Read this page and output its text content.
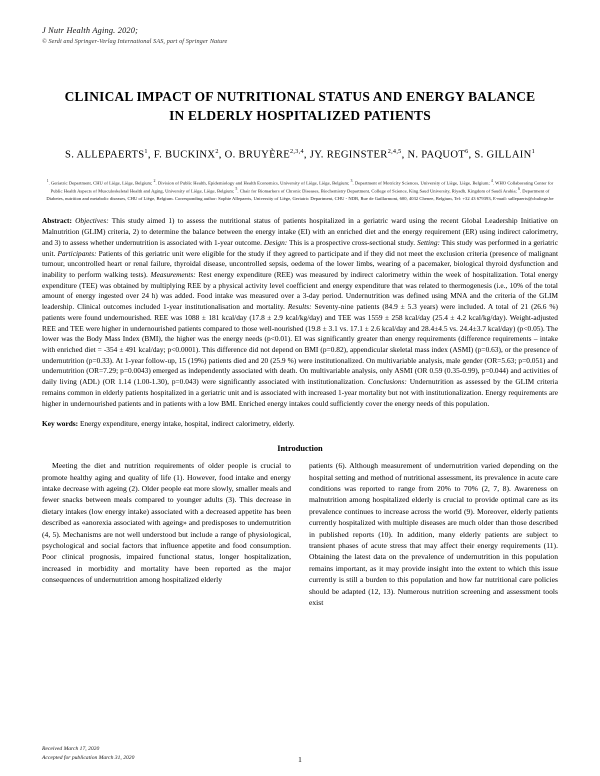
J Nutr Health Aging. 2020;
© Serdi and Springer-Verlag International SAS, part of Springer Nature
CLINICAL IMPACT OF NUTRITIONAL STATUS AND ENERGY BALANCE
IN ELDERLY HOSPITALIZED PATIENTS
S. ALLEPAERTS$^1$, F. BUCKINX$^2$, O. BRUYÈRE$^{2,3,4}$, JY. REGINSTER$^{2,4,5}$, N. PAQUOT$^6$, S. GILLAIN$^1$
$^1$. Geriatric Department, CHU of Liège, Liège, Belgium; $^2$. Division of Public Health, Epidemiology and Health Economics, University of Liège, Liège, Belgium; $^3$. Department of Motricity Sciences, University of Liège, Liège, Belgium; $^4$. WHO Collaborating Center for Public Health Aspects of Musculoskeletal Health and Aging, University of Liège, Liège, Belgium; $^5$. Chair for Biomarkers of Chronic Diseases, Biochemistry Department, College of Science, King Saud University, Riyadh, Kingdom of Saudi Arabia; $^6$. Department of Diabetes, nutrition and metabolic diseases, CHU of Liège, Belgium. Corresponding author: Sophie Allepaerts, University of Liège, Geriatric Department, CHU - NDB, Rue de Gaillarmont, 600, 4032 Chenee, Belgium, Tel: +32 43 679393, E-mail: sallepaerts@chuliege.be
Abstract: Objectives: This study aimed 1) to assess the nutritional status of patients hospitalized in a geriatric ward using the recent Global Leadership Initiative on Malnutrition (GLIM) criteria, 2) to determine the balance between the energy intake (EI) with an enriched diet and the energy requirement (ER) using indirect calorimetry, and 3) to assess whether undernutrition is associated with 1-year outcome. Design: This is a prospective cross-sectional study. Setting: This study was performed in a geriatric unit. Participants: Patients of this geriatric unit were eligible for the study if they agreed to participate and if they did not meet the exclusion criteria (presence of malignant tumour, uncontrolled heart or renal failure, thyroidal disease, uncontrolled sepsis, oedema of the lower limbs, wearing of a pacemaker, biological thyroid dysfunction and inability to perform walking tests). Measurements: Rest energy expenditure (REE) was measured by indirect calorimetry within the week of hospitalization. Total energy expenditure (TEE) was obtained by multiplying REE by a physical activity level coefficient and energy expenditure that was related to thermogenesis (i.e., 10% of the total amount of energy ingested over 24 h) was added. Food intake was measured over a 3-day period. Undernutrition was defined using MNA and the criteria of the GLIM leadership. Clinical outcomes included 1-year institutionalisation and mortality. Results: Seventy-nine patients (84.9 ± 5.3 years) were included. A total of 21 (26.6 %) patients were found undernourished. REE was 1088 ± 181 kcal/day (17.8 ± 2.9 kcal/kg/day) and TEE was 1559 ± 258 kcal/day (25.4 ± 4.2 kcal/kg/day). Weight-adjusted REE and TEE were higher in undernourished patients compared to those well-nourished (19.8 ± 3.1 vs. 17.1 ± 2.6 kcal/day and 28.4±4.5 vs. 24.4±3.7 kcal/day) (p<0.05). The lower was the Body Mass Index (BMI), the higher was the energy needs (p<0.01). EI was significantly greater than energy requirements (difference requirements – intake with enriched diet = -354 ± 491 kcal/day; p<0.0001). This difference did not depend on BMI (p=0.82), appendicular skeletal mass index (ASMI) (p=0.63), or the presence of undernutrition (p=0.33). At 1-year follow-up, 15 (19%) patients died and 20 (25.9 %) were institutionalized. On multivariable analysis, male gender (OR=5.63; p=0.051) and undernutrition (OR=7.29; p=0.0043) emerged as independently associated with death. On multivariable analysis, only ASMI (OR 0.59 (0.35-0.99), p=0.044) and activities of daily living (ADL) (OR 1.14 (1.00-1.30), p=0.043) were significantly associated with institutionalization. Conclusions: Undernutrition as assessed by the GLIM criteria remains common in elderly patients hospitalized in a geriatric unit and is associated with increased 1-year mortality but not with institutionalization. Energy requirements are higher in undernourished patients and in patients with a low BMI. Enriched energy intakes could sufficiently cover the energy needs of this population.
Key words: Energy expenditure, energy intake, hospital, indirect calorimetry, elderly.
Introduction

Meeting the diet and nutrition requirements of older people is crucial to promote healthy aging and quality of life (1). However, food intake and energy intake decrease with ageing (2). Older people eat more slowly, smaller meals and fewer snacks between meals compared to younger adults (3). This decrease in dietary intakes (low energy intake) associated with a decreased appetite has been described as «anorexia associated with ageing» and predisposes to undernutrition (4, 5). Mechanisms are not well understood but include a range of physiological, psychological and social factors that influence appetite and food consumption. Poor clinical prognosis, impaired functional status, longer hospitalization, increased in morbidity and mortality have been reported as the major consequences of undernutrition among hospitalized elderly

patients (6). Although measurement of undernutrition varied depending on the hospital setting and method of nutritional assessment, its prevalence in acute care conditions was reported to range from 20% to 70% (2, 7, 8). Awareness on malnutrition among hospitalized elderly is crucial to provide optimal care as its prevalence continues to increase across the world (9). Moreover, elderly patients currently hospitalized with multiple diseases are much older than those described in published reports (10). In addition, many elderly patients are subject to transient phases of acute stress that may affect their energy requirements (11). Obtaining the latest data on the prevalence of undernutrition in this population remains important, as it may provide insight into the extent to which this issue currently is still a burden to this population and how far nutritional care policies should be adapted (12, 13). Numerous nutrition screening and assessment tools exist

Received March 17, 2020
Accepted for publication March 31, 2020	1
